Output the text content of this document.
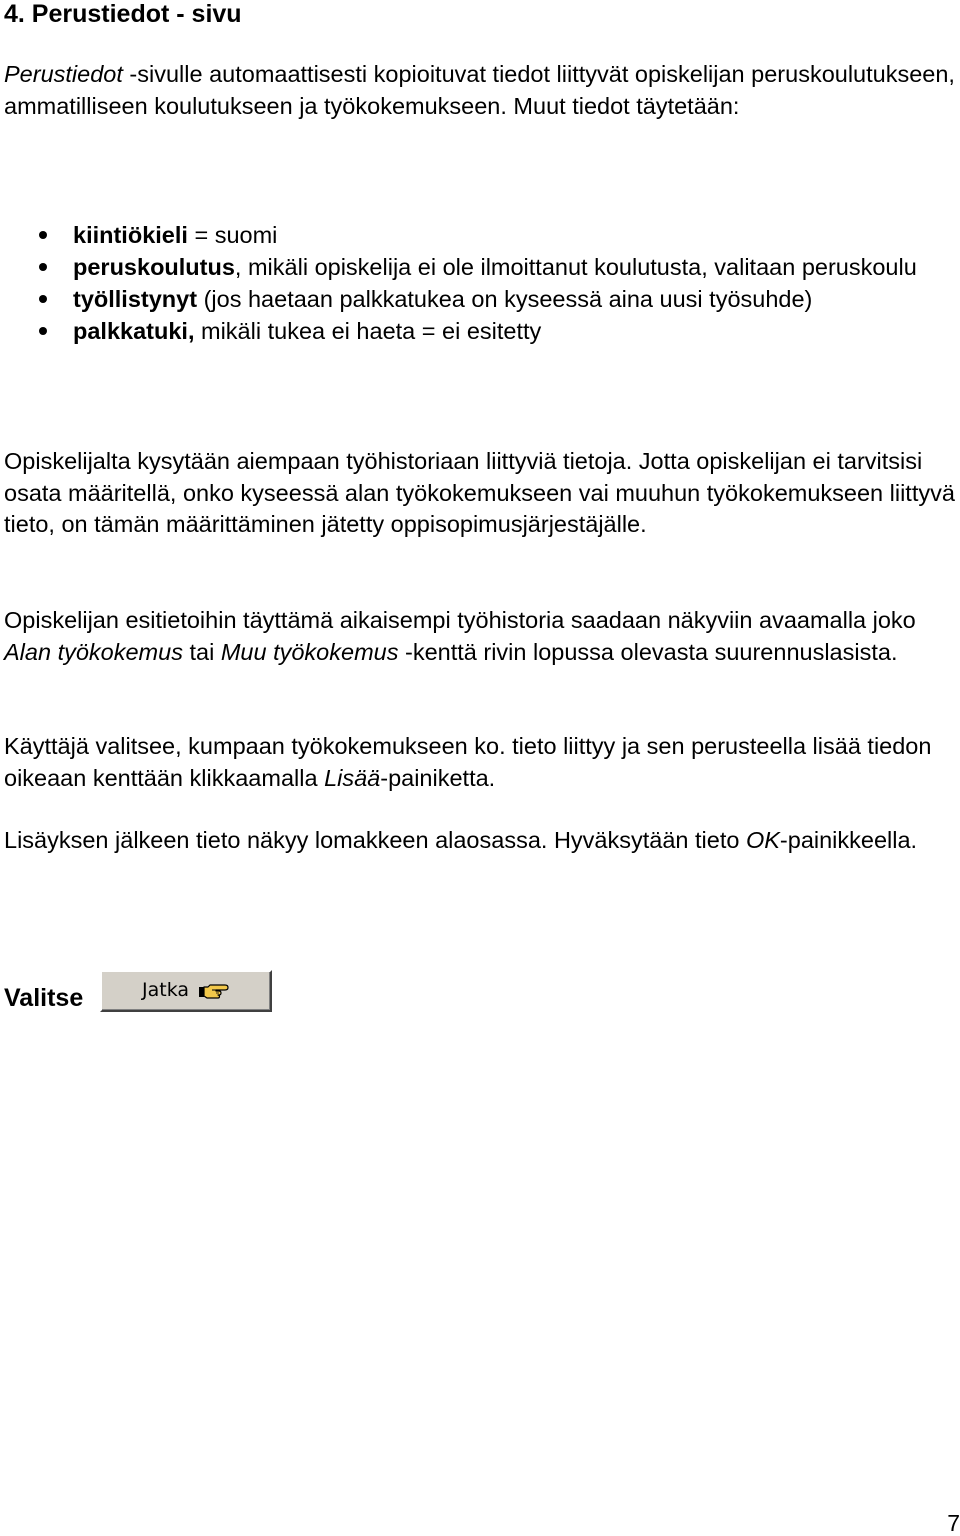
4. Perustiedot - sivu

Perustiedot -sivulle automaattisesti kopioituvat tiedot liittyvät opiskelijan peruskoulutukseen, ammatilliseen koulutukseen ja työkokemukseen. Muut tiedot täytetään:

kiintiökieli = suomi
peruskoulutus, mikäli opiskelija ei ole ilmoittanut koulutusta, valitaan peruskoulu
työllistynyt (jos haetaan palkkatukea on kyseessä aina uusi työsuhde)
palkkatuki, mikäli tukea ei haeta = ei esitetty

Opiskelijalta kysytään aiempaan työhistoriaan liittyviä tietoja. Jotta opiskelijan ei tarvitsisi osata määritellä, onko kyseessä alan työkokemukseen vai muuhun työkokemukseen liittyvä tieto, on tämän määrittäminen jätetty oppisopimusjärjestäjälle.

Opiskelijan esitietoihin täyttämä aikaisempi työhistoria saadaan näkyviin avaamalla joko Alan työkokemus tai Muu työkokemus -kenttä rivin lopussa olevasta suurennuslasista.

Käyttäjä valitsee, kumpaan työkokemukseen ko. tieto liittyy ja sen perusteella lisää tiedon oikeaan kenttään klikkaamalla Lisää-painiketta.

Lisäyksen jälkeen tieto näkyy lomakkeen alaosassa. Hyväksytään tieto OK-painikkeella.

Valitse	Jatka
7
